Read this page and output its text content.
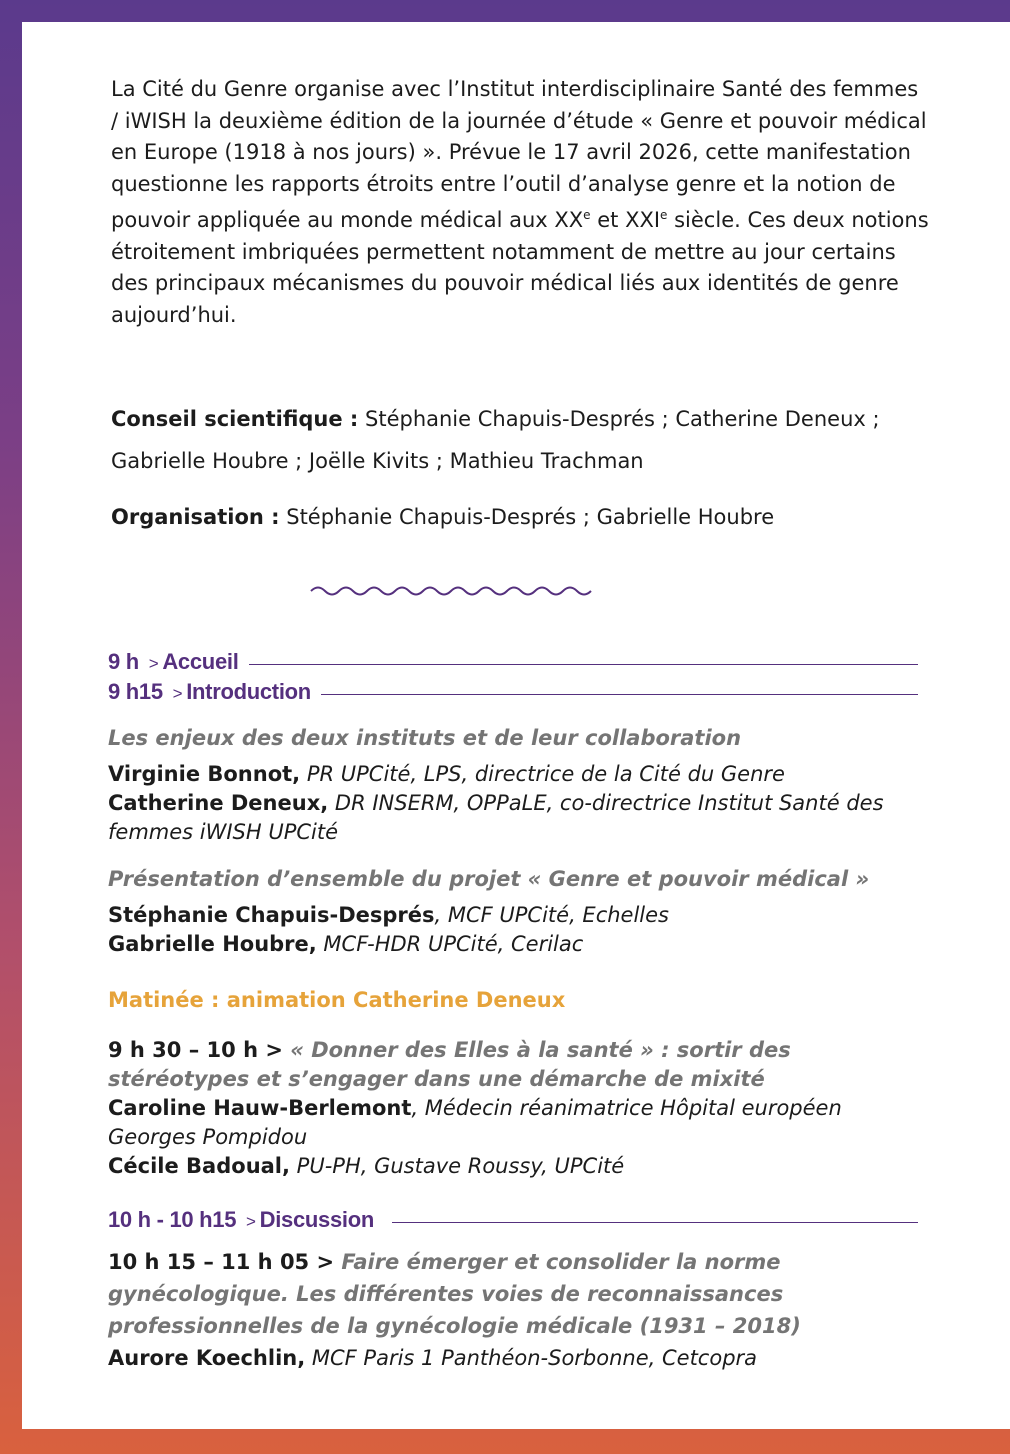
La Cité du Genre organise avec l’Institut interdisciplinaire Santé des femmes / iWISH la deuxième édition de la journée d’étude « Genre et pouvoir médical en Europe (1918 à nos jours) ». Prévue le 17 avril 2026, cette manifestation questionne les rapports étroits entre l’outil d’analyse genre et la notion de pouvoir appliquée au monde médical aux XXe et XXIe siècle. Ces deux notions étroitement imbriquées permettent notamment de mettre au jour certains des principaux mécanismes du pouvoir médical liés aux identités de genre aujourd’hui.

Conseil scientifique : Stéphanie Chapuis-Després ; Catherine Deneux ;
Gabrielle Houbre ; Joëlle Kivits ; Mathieu Trachman

Organisation : Stéphanie Chapuis-Després ; Gabrielle Houbre

9 h > Accueil
9 h15 > Introduction

Les enjeux des deux instituts et de leur collaboration

Virginie Bonnot, PR UPCité, LPS, directrice de la Cité du Genre
Catherine Deneux, DR INSERM, OPPaLE, co-directrice Institut Santé des femmes iWISH UPCité

Présentation d’ensemble du projet « Genre et pouvoir médical »

Stéphanie Chapuis-Després, MCF UPCité, Echelles
Gabrielle Houbre, MCF-HDR UPCité, Cerilac

Matinée : animation Catherine Deneux

9 h 30 – 10 h > « Donner des Elles à la santé » : sortir des stéréotypes et s’engager dans une démarche de mixité
Caroline Hauw-Berlemont, Médecin réanimatrice Hôpital européen Georges Pompidou
Cécile Badoual, PU-PH, Gustave Roussy, UPCité

10 h - 10 h15 > Discussion

10 h 15 – 11 h 05 > Faire émerger et consolider la norme gynécologique. Les différentes voies de reconnaissances professionnelles de la gynécologie médicale (1931 – 2018)
Aurore Koechlin, MCF Paris 1 Panthéon-Sorbonne, Cetcopra
